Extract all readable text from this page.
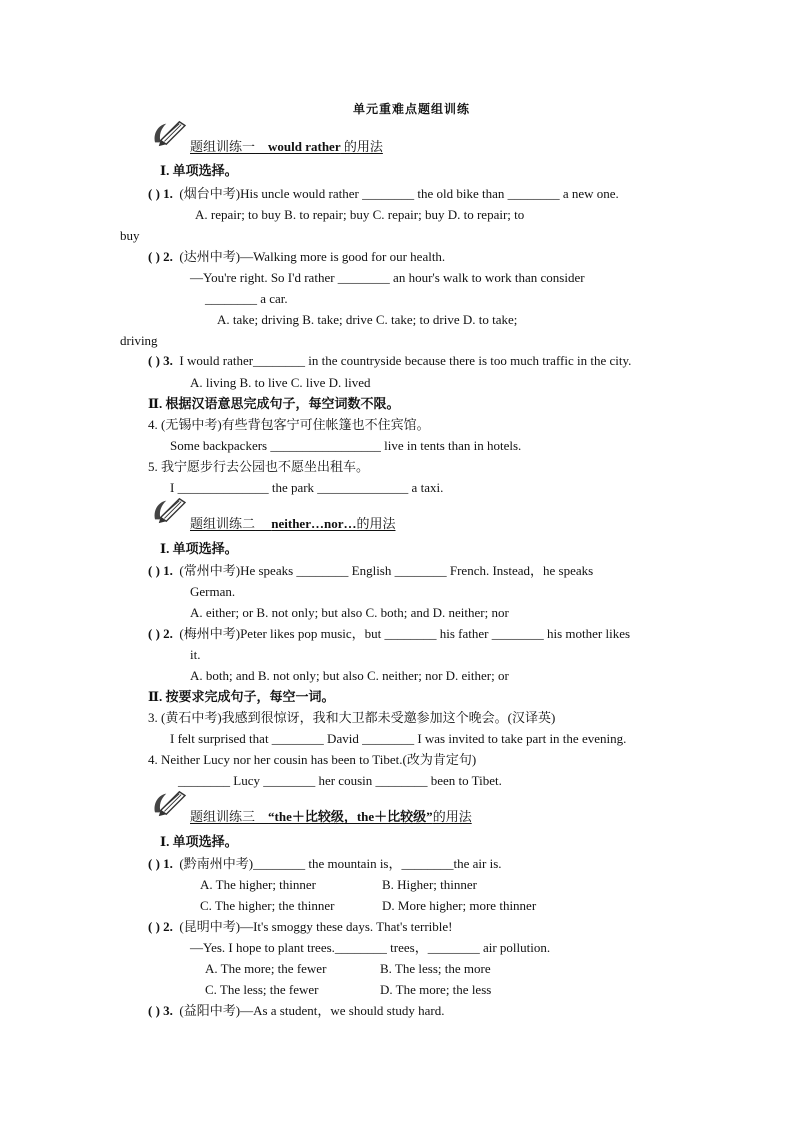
单元重难点题组训练
题组训练一 would rather 的用法
Ⅰ. 单项选择。
( ) 1. (烟台中考)His uncle would rather ________ the old bike than ________ a new one.
A. repair; to buy B. to repair; buy C. repair; buy D. to repair; to
buy
( ) 2. (达州中考)—Walking more is good for our health.
—You're right. So I'd rather ________ an hour's walk to work than consider
________ a car.
A. take; driving B. take; drive C. take; to drive D. to take;
driving
( ) 3. I would rather________ in the countryside because there is too much traffic in the city.
A. living B. to live C. live D. lived
Ⅱ. 根据汉语意思完成句子，每空词数不限。
4. (无锡中考)有些背包客宁可住帐篷也不住宾馆。
Some backpackers _________________ live in tents than in hotels.
5. 我宁愿步行去公园也不愿坐出租车。
I ______________ the park ______________ a taxi.
题组训练二 neither…nor…的用法
Ⅰ. 单项选择。
( ) 1. (常州中考)He speaks ________ English ________ French. Instead，he speaks
German.
A. either; or B. not only; but also C. both; and D. neither; nor
( ) 2. (梅州中考)Peter likes pop music，but ________ his father ________ his mother likes
it.
A. both; and B. not only; but also C. neither; nor D. either; or
Ⅱ. 按要求完成句子，每空一词。
3. (黄石中考)我感到很惊讶，我和大卫都未受邀参加这个晚会。(汉译英)
I felt surprised that ________ David ________ I was invited to take part in the evening.
4. Neither Lucy nor her cousin has been to Tibet.(改为肯定句)
________ Lucy ________ her cousin ________ been to Tibet.
题组训练三 “the＋比较级，the＋比较级”的用法
Ⅰ. 单项选择。
( ) 1. (黔南州中考)________ the mountain is，________the air is.
A. The higher; thinner	B. Higher; thinner
C. The higher; the thinner	D. More higher; more thinner
( ) 2. (昆明中考)—It's smoggy these days. That's terrible!
—Yes. I hope to plant trees.________ trees，________ air pollution.
A. The more; the fewer	B. The less; the more
C. The less; the fewer	D. The more; the less
( ) 3. (益阳中考)—As a student，we should study hard.
